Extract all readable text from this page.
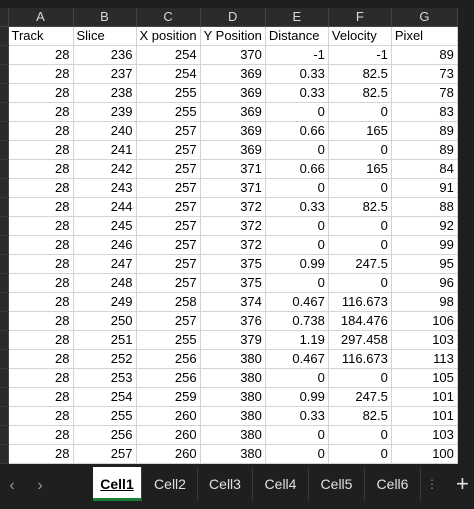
	A	B	C	D	E	F	G
	Track	Slice	X position	Y Position	Distance	Velocity	Pixel
	28	236	254	370	-1	-1	89
	28	237	254	369	0.33	82.5	73
	28	238	255	369	0.33	82.5	78
	28	239	255	369	0	0	83
	28	240	257	369	0.66	165	89
	28	241	257	369	0	0	89
	28	242	257	371	0.66	165	84
	28	243	257	371	0	0	91
	28	244	257	372	0.33	82.5	88
	28	245	257	372	0	0	92
	28	246	257	372	0	0	99
	28	247	257	375	0.99	247.5	95
	28	248	257	375	0	0	96
	28	249	258	374	0.467	116.673	98
	28	250	257	376	0.738	184.476	106
	28	251	255	379	1.19	297.458	103
	28	252	256	380	0.467	116.673	113
	28	253	256	380	0	0	105
	28	254	259	380	0.99	247.5	101
	28	255	260	380	0.33	82.5	101
	28	256	260	380	0	0	103
	28	257	260	380	0	0	100
‹	›	Cell1	Cell2	Cell3	Cell4	Cell5	Cell6	⋮ +
